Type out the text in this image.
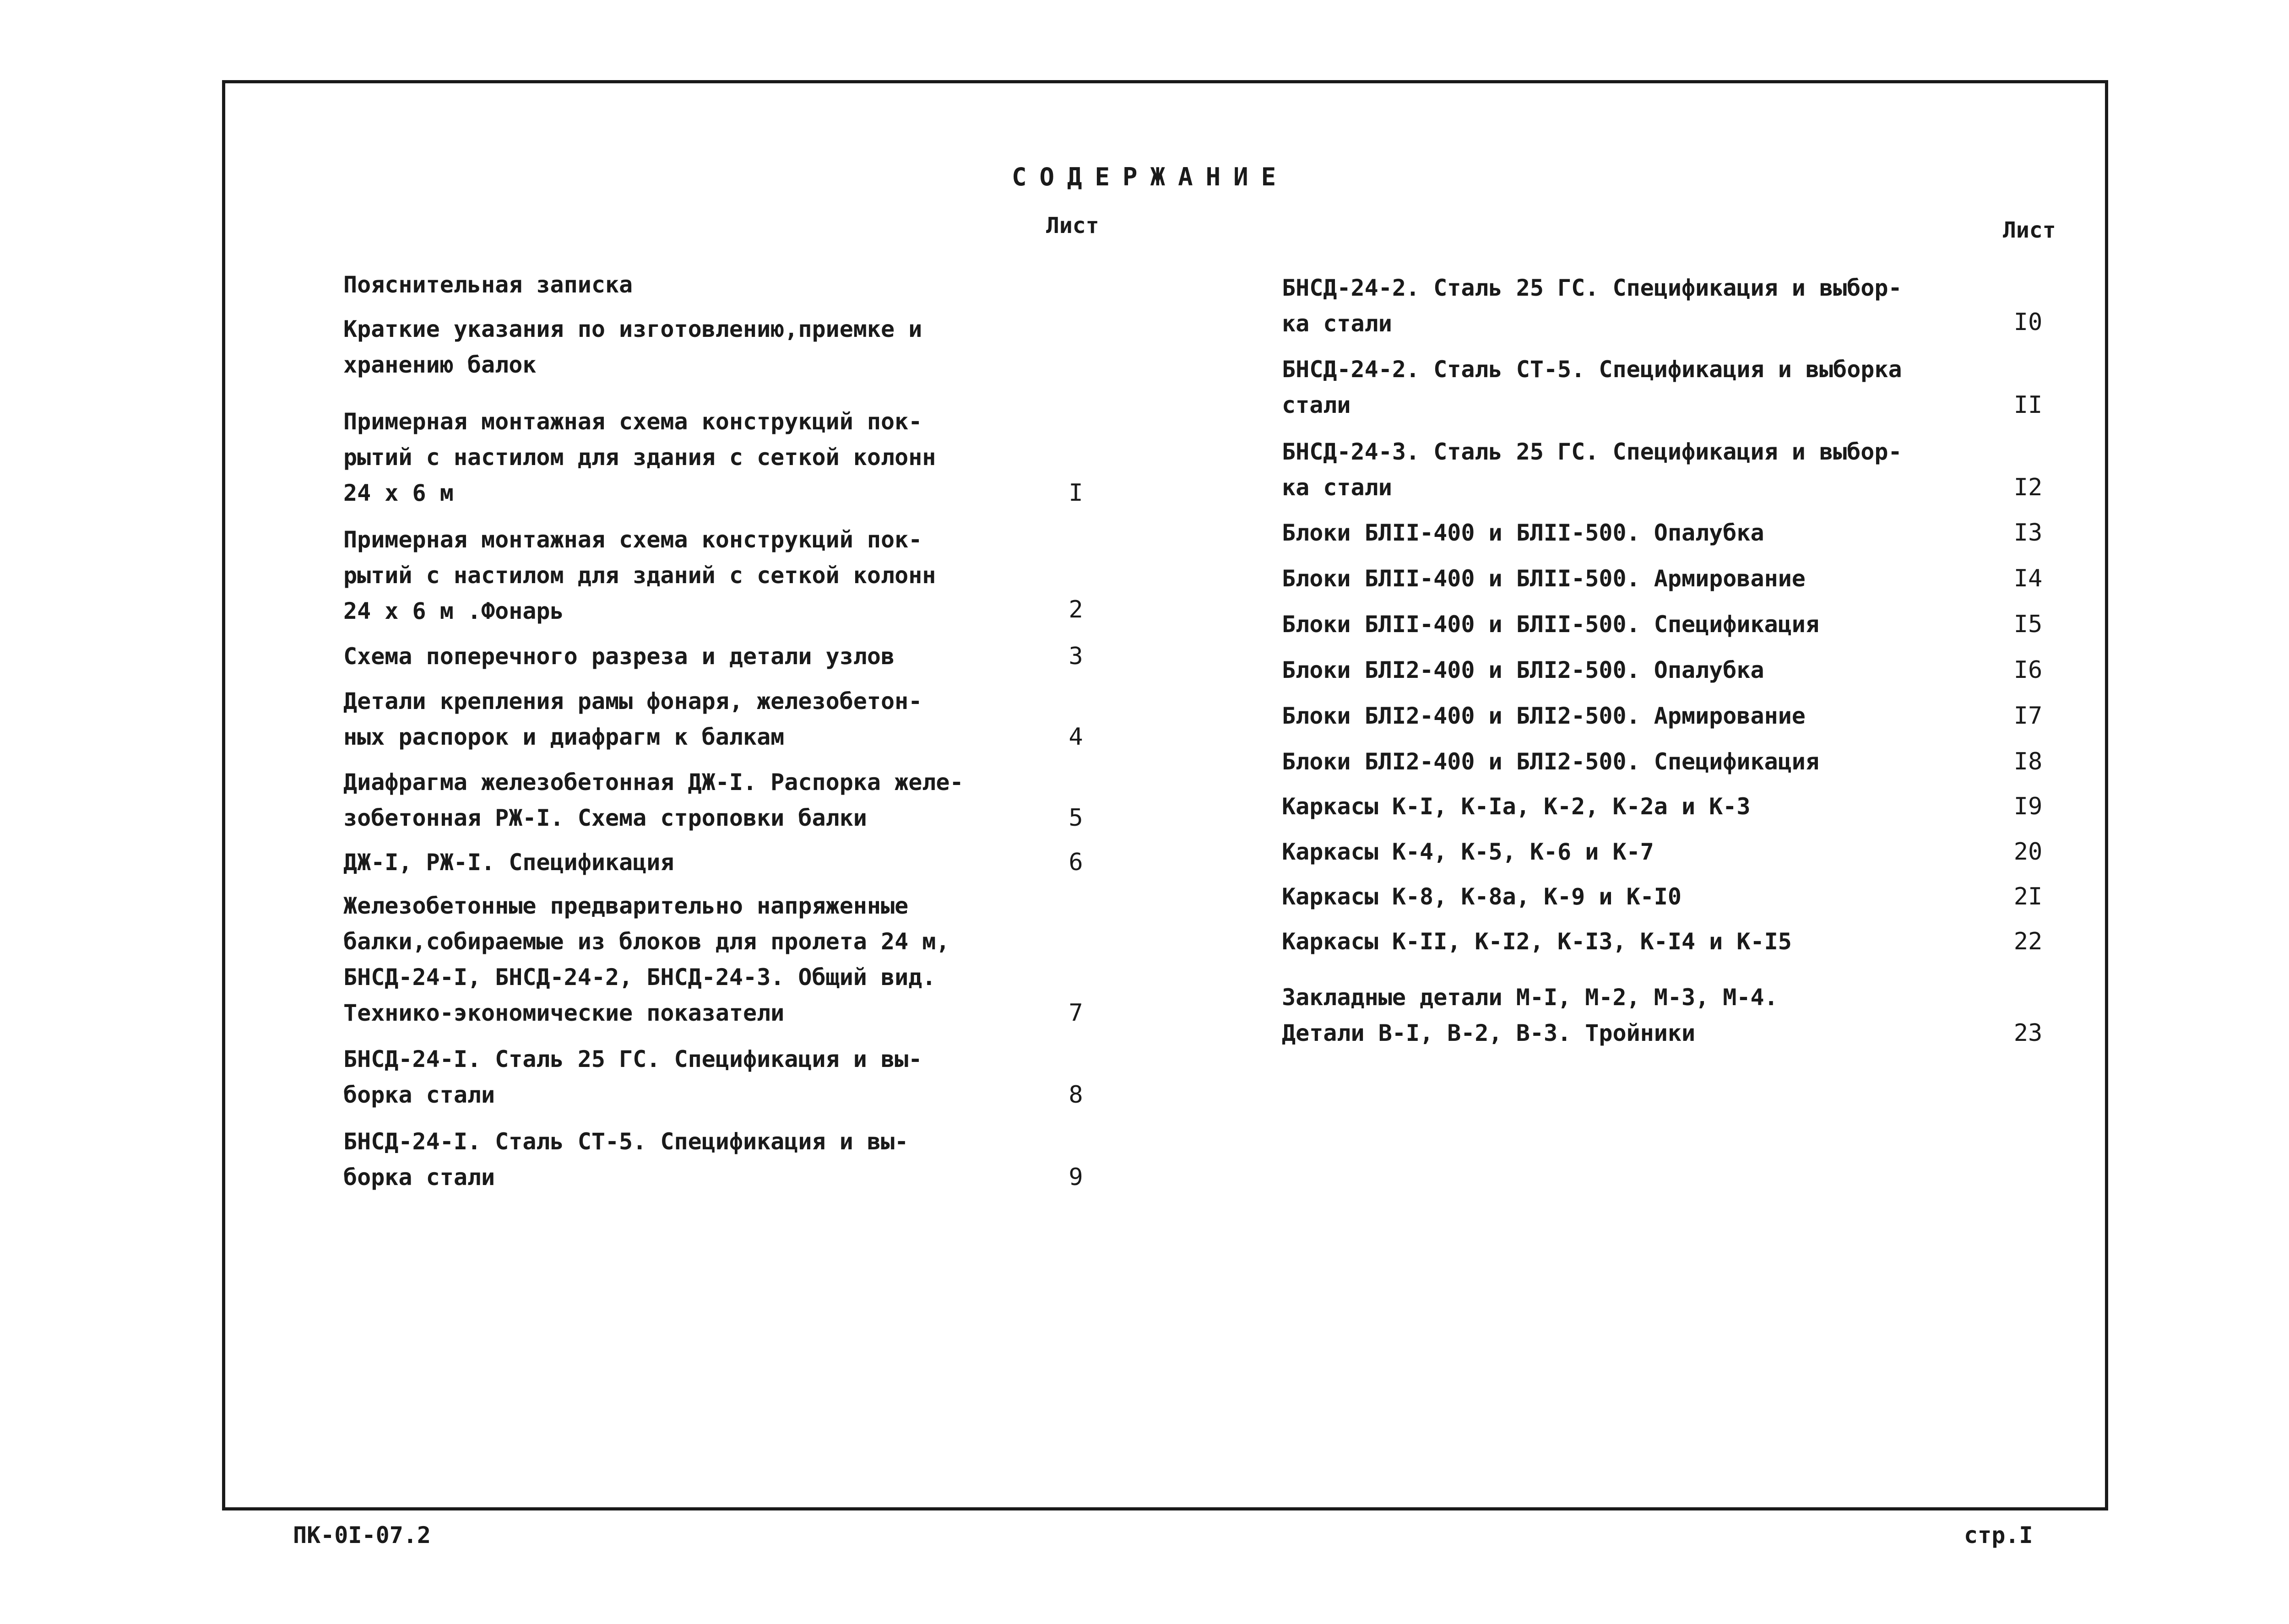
СОДЕРЖАНИЕ
Лист	Лист
Пояснительная записка
Краткие указания по изготовлению,приемке и
хранению балок
Примерная монтажная схема конструкций пок-
рытий с настилом для здания с сеткой колонн
24 х 6 м	I
Примерная монтажная схема конструкций пок-
рытий с настилом для зданий с сеткой колонн
24 х 6 м .Фонарь	2
Схема поперечного разреза и детали узлов	3
Детали крепления рамы фонаря, железобетон-
ных распорок и диафрагм к балкам	4
Диафрагма железобетонная ДЖ-I. Распорка желе-
зобетонная РЖ-I. Схема строповки балки	5
ДЖ-I, РЖ-I. Спецификация	6
Железобетонные предварительно напряженные
балки,собираемые из блоков для пролета 24 м,
БНСД-24-I, БНСД-24-2, БНСД-24-3. Общий вид.
Технико-экономические показатели	7
БНСД-24-I. Сталь 25 ГС. Спецификация и вы-
борка стали	8
БНСД-24-I. Сталь СТ-5. Спецификация и вы-
борка стали	9
БНСД-24-2. Сталь 25 ГС. Спецификация и выбор-
ка стали	I0
БНСД-24-2. Сталь СТ-5. Спецификация и выборка
стали	II
БНСД-24-3. Сталь 25 ГС. Спецификация и выбор-
ка стали	I2
Блоки БЛII-400 и БЛII-500. Опалубка	I3
Блоки БЛII-400 и БЛII-500. Армирование	I4
Блоки БЛII-400 и БЛII-500. Спецификация	I5
Блоки БЛI2-400 и БЛI2-500. Опалубка	I6
Блоки БЛI2-400 и БЛI2-500. Армирование	I7
Блоки БЛI2-400 и БЛI2-500. Спецификация	I8
Каркасы К-I, К-Iа, К-2, К-2а и К-3	I9
Каркасы К-4, К-5, К-6 и К-7	20
Каркасы К-8, К-8а, К-9 и К-I0	2I
Каркасы К-II, К-I2, К-I3, К-I4 и К-I5	22
Закладные детали М-I, М-2, М-3, М-4.
Детали В-I, В-2, В-3. Тройники	23
ПК-0I-07.2	стр.I
